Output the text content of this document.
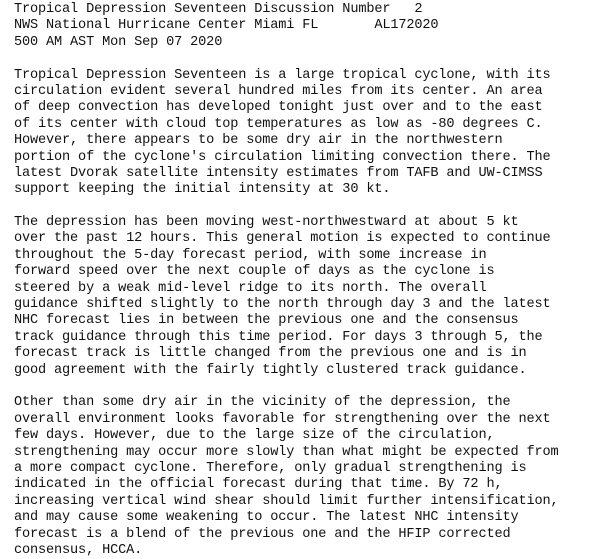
Tropical Depression Seventeen Discussion Number   2
NWS National Hurricane Center Miami FL       AL172020
500 AM AST Mon Sep 07 2020
Tropical Depression Seventeen is a large tropical cyclone, with its
circulation evident several hundred miles from its center. An area
of deep convection has developed tonight just over and to the east
of its center with cloud top temperatures as low as -80 degrees C.
However, there appears to be some dry air in the northwestern
portion of the cyclone's circulation limiting convection there. The
latest Dvorak satellite intensity estimates from TAFB and UW-CIMSS
support keeping the initial intensity at 30 kt.
The depression has been moving west-northwestward at about 5 kt
over the past 12 hours. This general motion is expected to continue
throughout the 5-day forecast period, with some increase in
forward speed over the next couple of days as the cyclone is
steered by a weak mid-level ridge to its north. The overall
guidance shifted slightly to the north through day 3 and the latest
NHC forecast lies in between the previous one and the consensus
track guidance through this time period. For days 3 through 5, the
forecast track is little changed from the previous one and is in
good agreement with the fairly tightly clustered track guidance.
Other than some dry air in the vicinity of the depression, the
overall environment looks favorable for strengthening over the next
few days. However, due to the large size of the circulation,
strengthening may occur more slowly than what might be expected from
a more compact cyclone. Therefore, only gradual strengthening is
indicated in the official forecast during that time. By 72 h,
increasing vertical wind shear should limit further intensification,
and may cause some weakening to occur. The latest NHC intensity
forecast is a blend of the previous one and the HFIP corrected
consensus, HCCA.
